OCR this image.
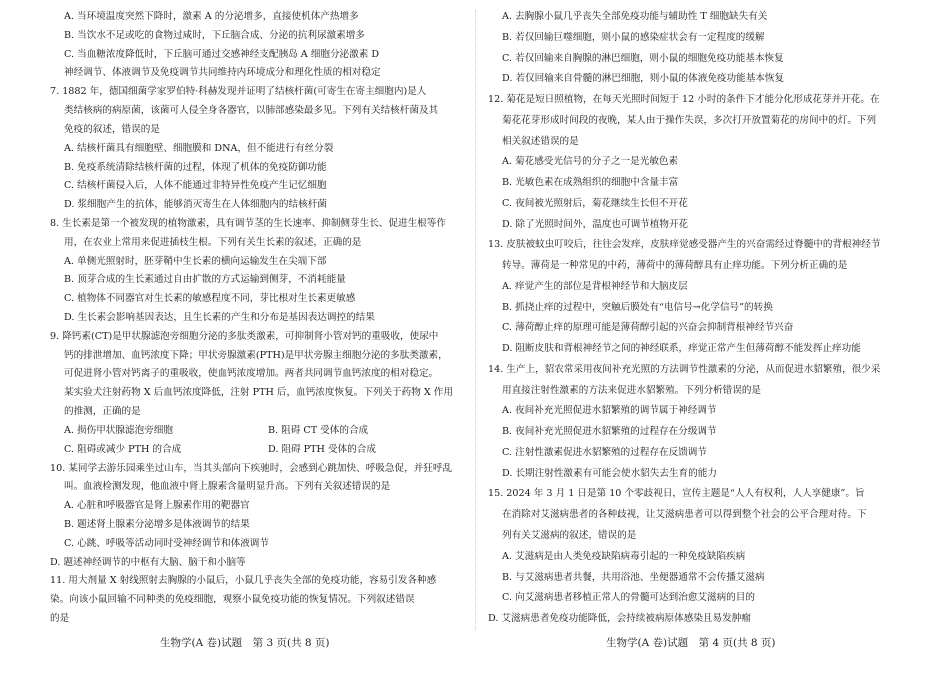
A. 当环境温度突然下降时，激素 A 的分泌增多，直接使机体产热增多
B. 当饮水不足或吃的食物过咸时，下丘脑合成、分泌的抗利尿激素增多
C. 当血糖浓度降低时，下丘脑可通过交感神经支配胰岛 A 细胞分泌激素 D
神经调节、体液调节及免疫调节共同维持内环境成分和理化性质的相对稳定
7. 1882 年，德国细菌学家罗伯特·科赫发现并证明了结核杆菌(可寄生在寄主细胞内)是人
类结核病的病原菌，该菌可人侵全身各器官，以肺部感染最多见。下列有关结核杆菌及其
免疫的叙述，错误的是
A. 结核杆菌具有细胞壁、细胞膜和 DNA，但不能进行有丝分裂
B. 免疫系统清除结核杆菌的过程，体现了机体的免疫防御功能
C. 结核杆菌侵入后，人体不能通过非特异性免疫产生记忆细胞
D. 浆细胞产生的抗体，能够消灭寄生在人体细胞内的结核杆菌
8. 生长素是第一个被发现的植物激素，具有调节茎的生长速率、抑制侧芽生长、促进生根等作
用，在农业上常用来促进插枝生根。下列有关生长素的叙述，正确的是
A. 单侧光照射时，胚芽鞘中生长素的横向运输发生在尖端下部
B. 顶芽合成的生长素通过自由扩散的方式运输到侧芽，不消耗能量
C. 植物体不同器官对生长素的敏感程度不同，芽比根对生长素更敏感
D. 生长素会影响基因表达，且生长素的产生和分布是基因表达调控的结果
9. 降钙素(CT)是甲状腺滤泡旁细胞分泌的多肽类激素，可抑制肾小管对钙的重吸收，使尿中
钙的排泄增加、血钙浓度下降；甲状旁腺激素(PTH)是甲状旁腺主细胞分泌的多肽类激素，
可促进肾小管对钙离子的重吸收，使血钙浓度增加。两者共同调节血钙浓度的相对稳定。
某实验犬注射药物 X 后血钙浓度降低，注射 PTH 后，血钙浓度恢复。下列关于药物 X 作用
的推测，正确的是
A. 损伤甲状腺滤泡旁细胞	B. 阻碍 CT 受体的合成
C. 阻碍或减少 PTH 的合成	D. 阻碍 PTH 受体的合成
10. 某同学去游乐园乘坐过山车，当其头部向下疾驰时，会感到心跳加快、呼吸急促，并狂呼乱
叫。血液检测发现，他血液中肾上腺素含量明显升高。下列有关叙述错误的是
A. 心脏和呼吸器官是肾上腺素作用的靶器官
B. 题述肾上腺素分泌增多是体液调节的结果
C. 心跳、呼吸等活动同时受神经调节和体液调节
D. 题述神经调节的中枢有大脑、脑干和小脑等
11. 用大剂量 X 射线照射去胸腺的小鼠后，小鼠几乎丧失全部的免疫功能，容易引发各种感
染。向该小鼠回输不同种类的免疫细胞，观察小鼠免疫功能的恢复情况。下列叙述错误
的是
生物学(A 卷)试题　第 3 页(共 8 页)
A. 去胸腺小鼠几乎丧失全部免疫功能与辅助性 T 细胞缺失有关
B. 若仅回输巨噬细胞，则小鼠的感染症状会有一定程度的缓解
C. 若仅回输来自胸腺的淋巴细胞，则小鼠的细胞免疫功能基本恢复
D. 若仅回输来自骨髓的淋巴细胞，则小鼠的体液免疫功能基本恢复
12. 菊花是短日照植物，在每天光照时间短于 12 小时的条件下才能分化形成花芽并开花。在
菊花花芽形成时间段的夜晚，某人由于操作失误，多次打开放置菊花的房间中的灯。下列
相关叙述错误的是
A. 菊花感受光信号的分子之一是光敏色素
B. 光敏色素在成熟组织的细胞中含量丰富
C. 夜间被光照射后，菊花继续生长但不开花
D. 除了光照时间外，温度也可调节植物开花
13. 皮肤被蚊虫叮咬后，往往会发痒，皮肤痒觉感受器产生的兴奋需经过脊髓中的背根神经节
转导。薄荷是一种常见的中药，薄荷中的薄荷醇具有止痒功能。下列分析正确的是
A. 痒觉产生的部位是背根神经节和大脑皮层
B. 抓挠止痒的过程中，突触后膜处有“电信号→化学信号”的转换
C. 薄荷醇止痒的原理可能是薄荷醇引起的兴奋会抑制背根神经节兴奋
D. 阻断皮肤和背根神经节之间的神经联系，痒觉正常产生但薄荷醇不能发挥止痒功能
14. 生产上，貂农常采用夜间补充光照的方法调节性激素的分泌，从而促进水貂繁殖，很少采
用直接注射性激素的方法来促进水貂繁殖。下列分析错误的是
A. 夜间补充光照促进水貂繁殖的调节属于神经调节
B. 夜间补充光照促进水貂繁殖的过程存在分级调节
C. 注射性激素促进水貂繁殖的过程存在反馈调节
D. 长期注射性激素有可能会使水貂失去生育的能力
15. 2024 年 3 月 1 日是第 10 个零歧视日，宣传主题是“人人有权利，人人享健康”。旨
在消除对艾滋病患者的各种歧视，让艾滋病患者可以得到整个社会的公平合理对待。下
列有关艾滋病的叙述，错误的是
A. 艾滋病是由人类免疫缺陷病毒引起的一种免疫缺陷疾病
B. 与艾滋病患者共餐，共用浴池、坐便器通常不会传播艾滋病
C. 向艾滋病患者移植正常人的骨髓可达到治愈艾滋病的目的
D. 艾滋病患者免疫功能降低，会持续被病原体感染且易发肿瘤
生物学(A 卷)试题　第 4 页(共 8 页)
